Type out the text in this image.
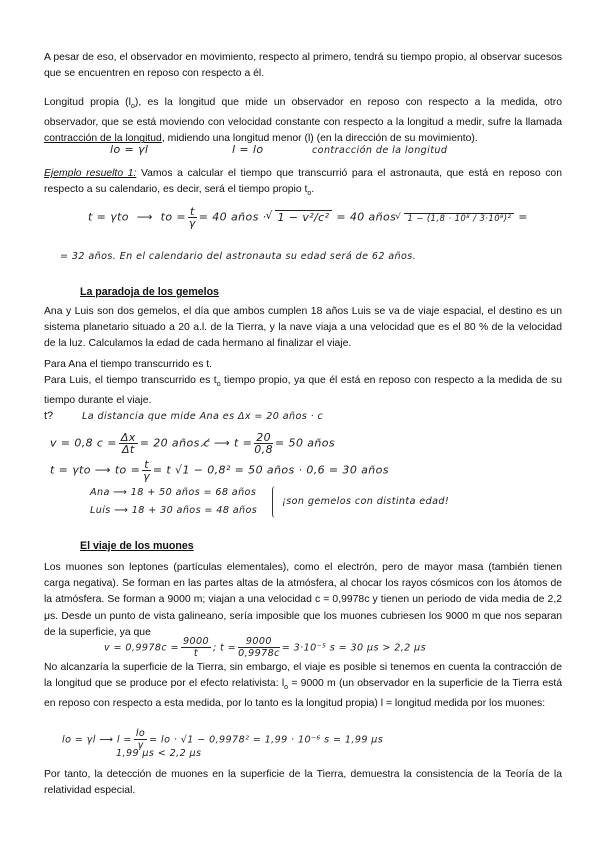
A pesar de eso, el observador en movimiento, respecto al primero, tendrá su tiempo propio, al observar sucesos que se encuentren en reposo con respecto a él.

Longitud propia $(l_o)$, es la longitud que mide un observador en reposo con respecto a la medida, otro observador, que se está moviendo con velocidad constante con respecto a la longitud a medir, sufre la llamada contracción de la longitud, midiendo una longitud menor (l) (en la dirección de su movimiento).

lo = γl	l = lo	contracción de la longitud

Ejemplo resuelto 1: Vamos a calcular el tiempo que transcurrió para el astronauta, que está en reposo con respecto a su calendario, es decir, será el tiempo propio $t_o$.

t = γto ⟶ to = $\frac{t}{\gamma} = 40$ años · √ 1 − v²/c² = 40 años √ 1 − (1,8 · 10⁸ / 3·10⁸)² =
= 32 años. En el calendario del astronauta su edad será de 62 años.
La paradoja de los gemelos

Ana y Luis son dos gemelos, el día que ambos cumplen 18 años Luis se va de viaje espacial, el destino es un sistema planetario situado a 20 a.l. de la Tierra, y la nave viaja a una velocidad que es el 80 % de la velocidad de la luz. Calculamos la edad de cada hermano al finalizar el viaje.

Para Ana el tiempo transcurrido es t.

Para Luis, el tiempo transcurrido es $t_o$ tiempo propio, ya que él está en reposo con respecto a la medida de su tiempo durante el viaje.

t?	La distancia que mide Ana es Δx = 20 años · c
v = 0,8 $c = \frac{\Delta x}{\Delta t} = 20$ años c̸ ⟶ $t = \frac{20}{0,8} = 50$ años
t = γto ⟶ to = $\frac{t}{\gamma} = t$ √1 − 0,8² = 50 años · 0,6 = 30 años
Ana ⟶ 18 + 50 años = 68 años
Luis ⟶ 18 + 30 años = 48 años
¡son gemelos con distinta edad!
El viaje de los muones

Los muones son leptones (partículas elementales), como el electrón, pero de mayor masa (también tienen carga negativa). Se forman en las partes altas de la atmósfera, al chocar los rayos cósmicos con los átomos de la atmósfera. Se forman a 9000 m; viajan a una velocidad c = 0,9978c y tienen un periodo de vida media de 2,2 μs. Desde un punto de vista galineano, sería imposible que los muones cubriesen los 9000 m que nos separan de la superficie, ya que

$v = 0,9978c = \frac{9000}{t}$ ; $t = \frac{9000}{0,9978c} = 3\cdot 10^{-5}$ s = 30 μs > 2,2 μs

No alcanzaría la superficie de la Tierra, sin embargo, el viaje es posible si tenemos en cuenta la contracción de la longitud que se produce por el efecto relativista: $l_o = 9000$ m (un observador en la superficie de la Tierra está en reposo con respecto a esta medida, por lo tanto es la longitud propia) l = longitud medida por los muones:

lo = γl ⟶ $l = \frac{lo}{\gamma}$ = lo · √1 − 0,9978² = 1,99 · 10⁻⁶ s = 1,99 μs
1,99 μs < 2,2 μs

Por tanto, la detección de muones en la superficie de la Tierra, demuestra la consistencia de la Teoría de la relatividad especial.
